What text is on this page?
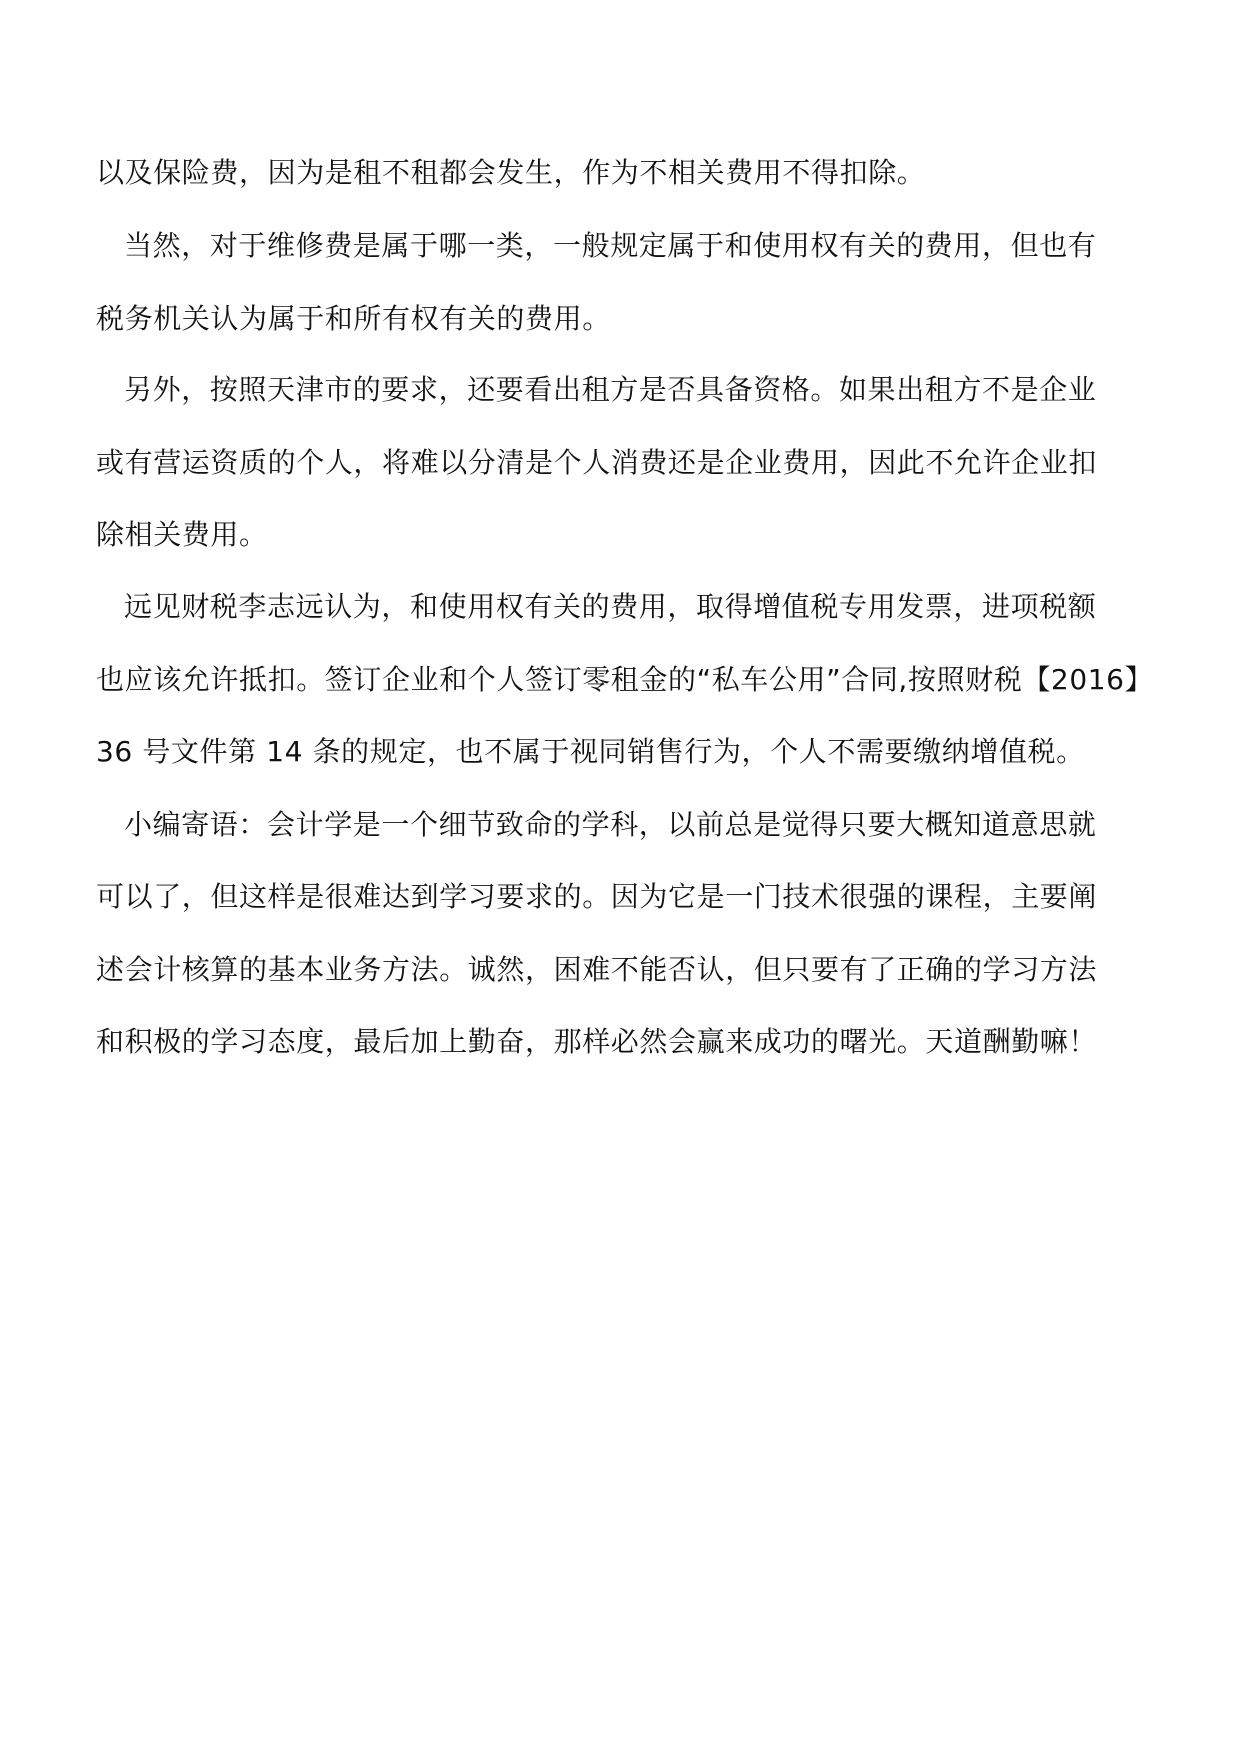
以及保险费，因为是租不租都会发生，作为不相关费用不得扣除。

当然，对于维修费是属于哪一类，一般规定属于和使用权有关的费用，但也有

税务机关认为属于和所有权有关的费用。

另外，按照天津市的要求，还要看出租方是否具备资格。如果出租方不是企业

或有营运资质的个人，将难以分清是个人消费还是企业费用，因此不允许企业扣

除相关费用。

远见财税李志远认为，和使用权有关的费用，取得增值税专用发票，进项税额

也应该允许抵扣。签订企业和个人签订零租金的“私车公用”合同,按照财税【2016】

36 号文件第 14 条的规定，也不属于视同销售行为，个人不需要缴纳增值税。

小编寄语：会计学是一个细节致命的学科，以前总是觉得只要大概知道意思就

可以了，但这样是很难达到学习要求的。因为它是一门技术很强的课程，主要阐

述会计核算的基本业务方法。诚然，困难不能否认，但只要有了正确的学习方法

和积极的学习态度，最后加上勤奋，那样必然会赢来成功的曙光。天道酬勤嘛！
